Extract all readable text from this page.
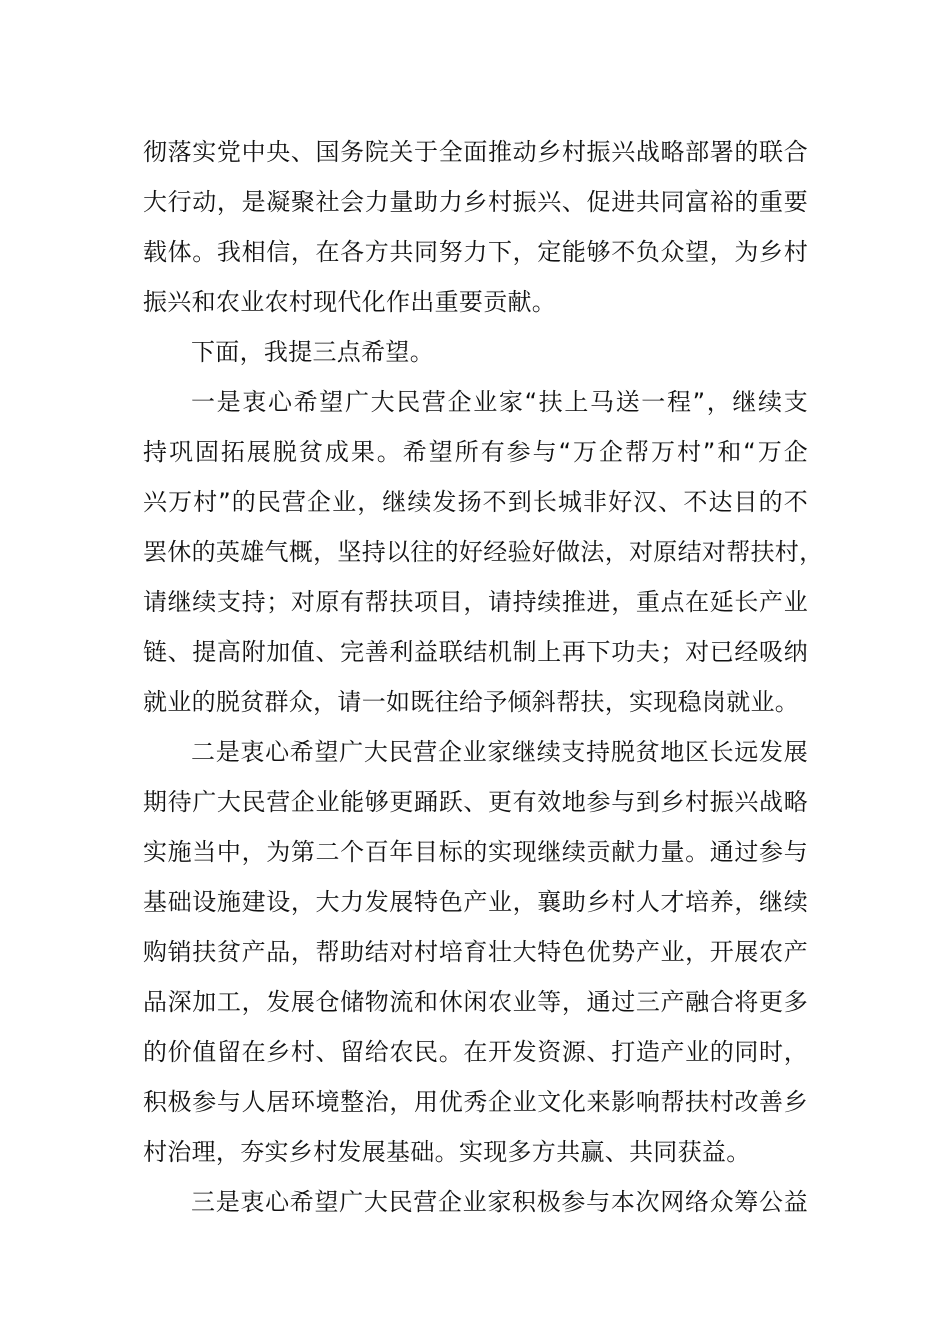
彻落实党中央、国务院关于全面推动乡村振兴战略部署的联合
大行动，是凝聚社会力量助力乡村振兴、促进共同富裕的重要
载体。我相信，在各方共同努力下，定能够不负众望，为乡村
振兴和农业农村现代化作出重要贡献。
下面，我提三点希望。
一是衷心希望广大民营企业家“扶上马送一程”，继续支
持巩固拓展脱贫成果。希望所有参与“万企帮万村”和“万企
兴万村”的民营企业，继续发扬不到长城非好汉、不达目的不
罢休的英雄气概，坚持以往的好经验好做法，对原结对帮扶村，
请继续支持；对原有帮扶项目，请持续推进，重点在延长产业
链、提高附加值、完善利益联结机制上再下功夫；对已经吸纳
就业的脱贫群众，请一如既往给予倾斜帮扶，实现稳岗就业。
二是衷心希望广大民营企业家继续支持脱贫地区长远发展
期待广大民营企业能够更踊跃、更有效地参与到乡村振兴战略
实施当中，为第二个百年目标的实现继续贡献力量。通过参与
基础设施建设，大力发展特色产业，襄助乡村人才培养，继续
购销扶贫产品，帮助结对村培育壮大特色优势产业，开展农产
品深加工，发展仓储物流和休闲农业等，通过三产融合将更多
的价值留在乡村、留给农民。在开发资源、打造产业的同时，
积极参与人居环境整治，用优秀企业文化来影响帮扶村改善乡
村治理，夯实乡村发展基础。实现多方共赢、共同获益。
三是衷心希望广大民营企业家积极参与本次网络众筹公益
